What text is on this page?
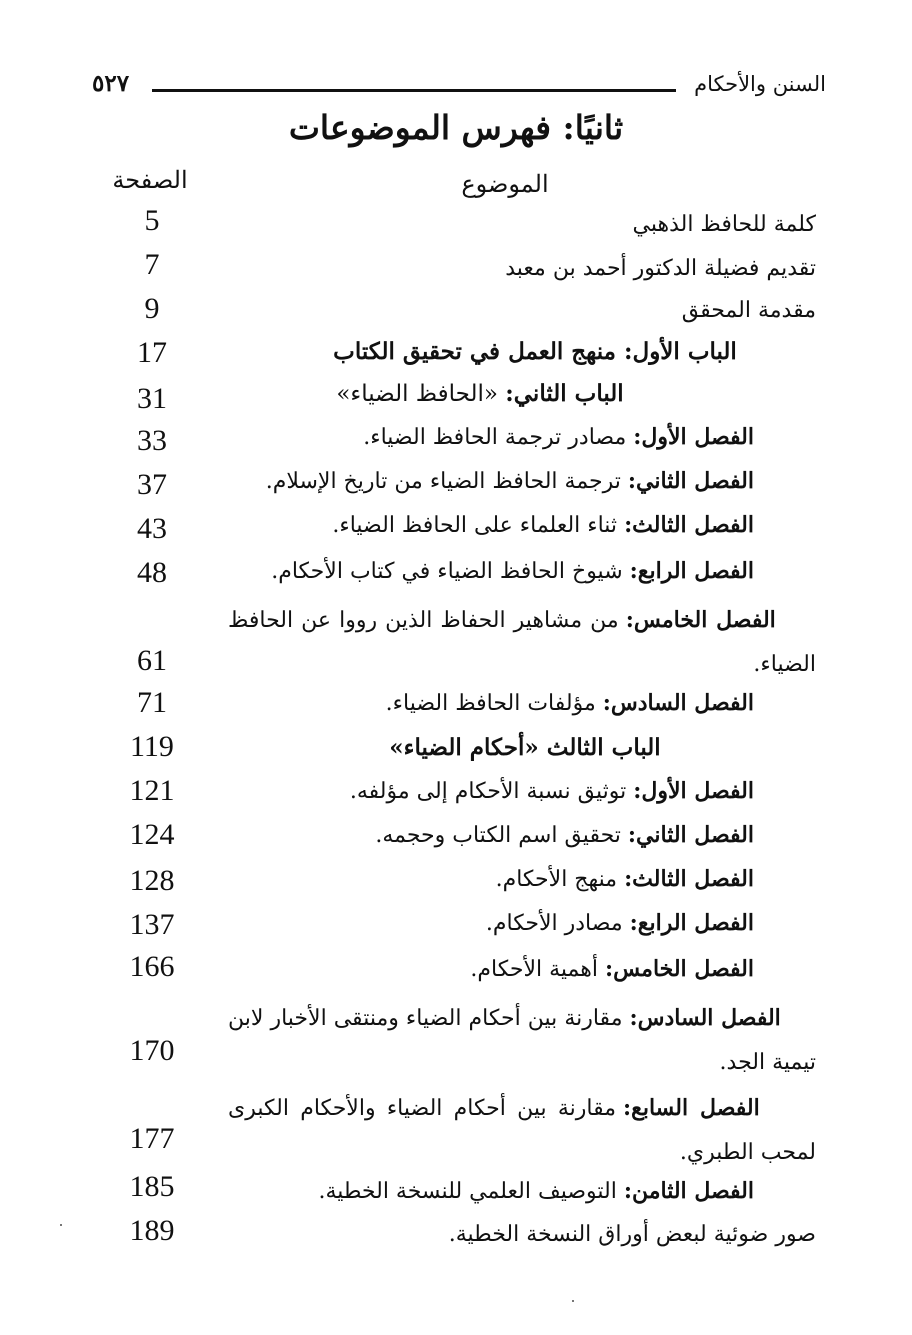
٥٢٧	السنن والأحكام
ثانيًا: فهرس الموضوعات
الموضوع
الصفحة
كلمة للحافظ الذهبي
5
تقديم فضيلة الدكتور أحمد بن معبد
7
مقدمة المحقق
9
الباب الأول: منهج العمل في تحقيق الكتاب
17
الباب الثاني: «الحافظ الضياء»
31
الفصل الأول: مصادر ترجمة الحافظ الضياء.
33
الفصل الثاني: ترجمة الحافظ الضياء من تاريخ الإسلام.
37
الفصل الثالث: ثناء العلماء على الحافظ الضياء.
43
الفصل الرابع: شيوخ الحافظ الضياء في كتاب الأحكام.
48
​     الفصل الخامس: من مشاهير الحفاظ الذين رووا عن الحافظ الضياء.
61
الفصل السادس: مؤلفات الحافظ الضياء.
71
الباب الثالث «أحكام الضياء»
119
الفصل الأول: توثيق نسبة الأحكام إلى مؤلفه.
121
الفصل الثاني: تحقيق اسم الكتاب وحجمه.
124
الفصل الثالث: منهج الأحكام.
128
الفصل الرابع: مصادر الأحكام.
137
الفصل الخامس: أهمية الأحكام.
166
​     الفصل السادس: مقارنة بين أحكام الضياء ومنتقى الأخبار لابن تيمية الجد.
170
​     الفصل السابع: مقارنة بين أحكام الضياء والأحكام الكبرى لمحب الطبري.
177
الفصل الثامن: التوصيف العلمي للنسخة الخطية.
185
صور ضوئية لبعض أوراق النسخة الخطية.
189
